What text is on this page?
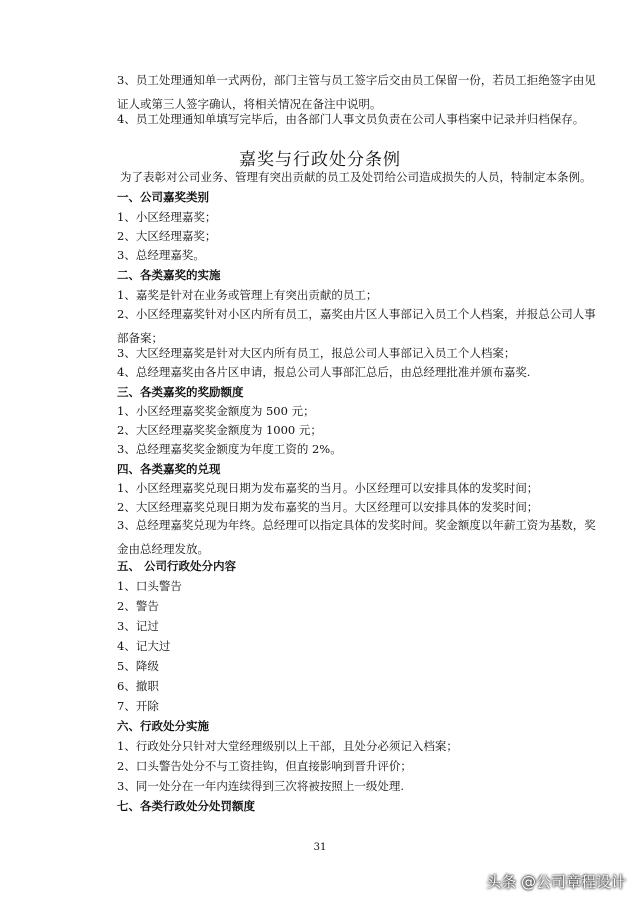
3、员工处理通知单一式两份，部门主管与员工签字后交由员工保留一份，若员工拒绝签字由见证人或第三人签字确认，将相关情况在备注中说明。
4、员工处理通知单填写完毕后，由各部门人事文员负责在公司人事档案中记录并归档保存。
嘉奖与行政处分条例
为了表彰对公司业务、管理有突出贡献的员工及处罚给公司造成损失的人员，特制定本条例。
一、公司嘉奖类别
1、小区经理嘉奖；
2、大区经理嘉奖；
3、总经理嘉奖。
二、各类嘉奖的实施
1、嘉奖是针对在业务或管理上有突出贡献的员工；
2、小区经理嘉奖针对小区内所有员工，嘉奖由片区人事部记入员工个人档案，并报总公司人事部备案；
3、大区经理嘉奖是针对大区内所有员工，报总公司人事部记入员工个人档案；
4、总经理嘉奖由各片区申请，报总公司人事部汇总后，由总经理批准并颁布嘉奖.
三、各类嘉奖的奖励额度
1、小区经理嘉奖奖金额度为 500 元；
2、大区经理嘉奖奖金额度为 1000 元；
3、总经理嘉奖奖金额度为年度工资的 2%。
四、各类嘉奖的兑现
1、小区经理嘉奖兑现日期为发布嘉奖的当月。小区经理可以安排具体的发奖时间；
2、大区经理嘉奖兑现日期为发布嘉奖的当月。大区经理可以安排具体的发奖时间；
3、总经理嘉奖兑现为年终。总经理可以指定具体的发奖时间。奖金额度以年薪工资为基数，奖金由总经理发放。
五、 公司行政处分内容
1、口头警告
2、警告
3、记过
4、记大过
5、降级
6、撤职
7、开除
六、行政处分实施
1、行政处分只针对大堂经理级别以上干部，且处分必须记入档案；
2、口头警告处分不与工资挂钩，但直接影响到晋升评价；
3、同一处分在一年内连续得到三次将被按照上一级处理.
七、各类行政处分处罚额度
31
头条 @公司章程设计
